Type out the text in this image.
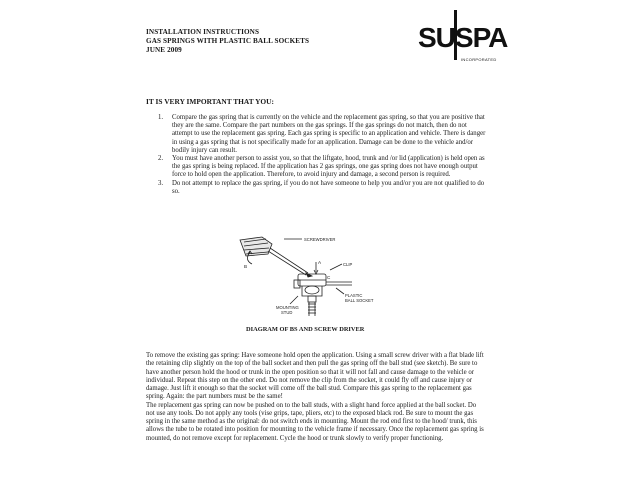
INSTALLATION INSTRUCTIONS
GAS SPRINGS WITH PLASTIC BALL SOCKETS
JUNE 2009	SUSPA
INCORPORATED
IT IS VERY IMPORTANT THAT YOU:
1. Compare the gas spring that is currently on the vehicle and the replacement gas spring, so that you are positive that they are the same. Compare the part numbers on the gas springs. If the gas springs do not match, then do not attempt to use the replacement gas spring. Each gas spring is specific to an application and vehicle. There is danger in using a gas spring that is not specifically made for an application. Damage can be done to the vehicle and/or bodily injury can result.
2. You must have another person to assist you, so that the liftgate, hood, trunk and /or lid (application) is held open as the gas spring is being replaced. If the application has 2 gas springs, one gas spring does not have enough output force to hold open the application. Therefore, to avoid injury and damage, a second person is required.
3. Do not attempt to replace the gas spring, if you do not have someone to help you and/or you are not qualified to do so.
SCREWDRIVER
CLIP
A
B
C
PLASTIC
BALL SOCKET
MOUNTING
STUD
DIAGRAM OF BS AND SCREW DRIVER

To remove the existing gas spring: Have someone hold open the application. Using a small screw driver with a flat blade lift the retaining clip slightly on the top of the ball socket and then pull the gas spring off the ball stud (see sketch). Be sure to have another person hold the hood or trunk in the open position so that it will not fall and cause damage to the vehicle or individual. Repeat this step on the other end. Do not remove the clip from the socket, it could fly off and cause injury or damage. Just lift it enough so that the socket will come off the ball stud. Compare this gas spring to the replacement gas spring. Again: the part numbers must be the same!

The replacement gas spring can now be pushed on to the ball studs, with a slight hand force applied at the ball socket. Do not use any tools. Do not apply any tools (vise grips, tape, pliers, etc) to the exposed black rod. Be sure to mount the gas spring in the same method as the original: do not switch ends in mounting. Mount the rod end first to the hood/ trunk, this allows the tube to be rotated into position for mounting to the vehicle frame if necessary. Once the replacement gas spring is mounted, do not remove except for replacement. Cycle the hood or trunk slowly to verify proper functioning.
